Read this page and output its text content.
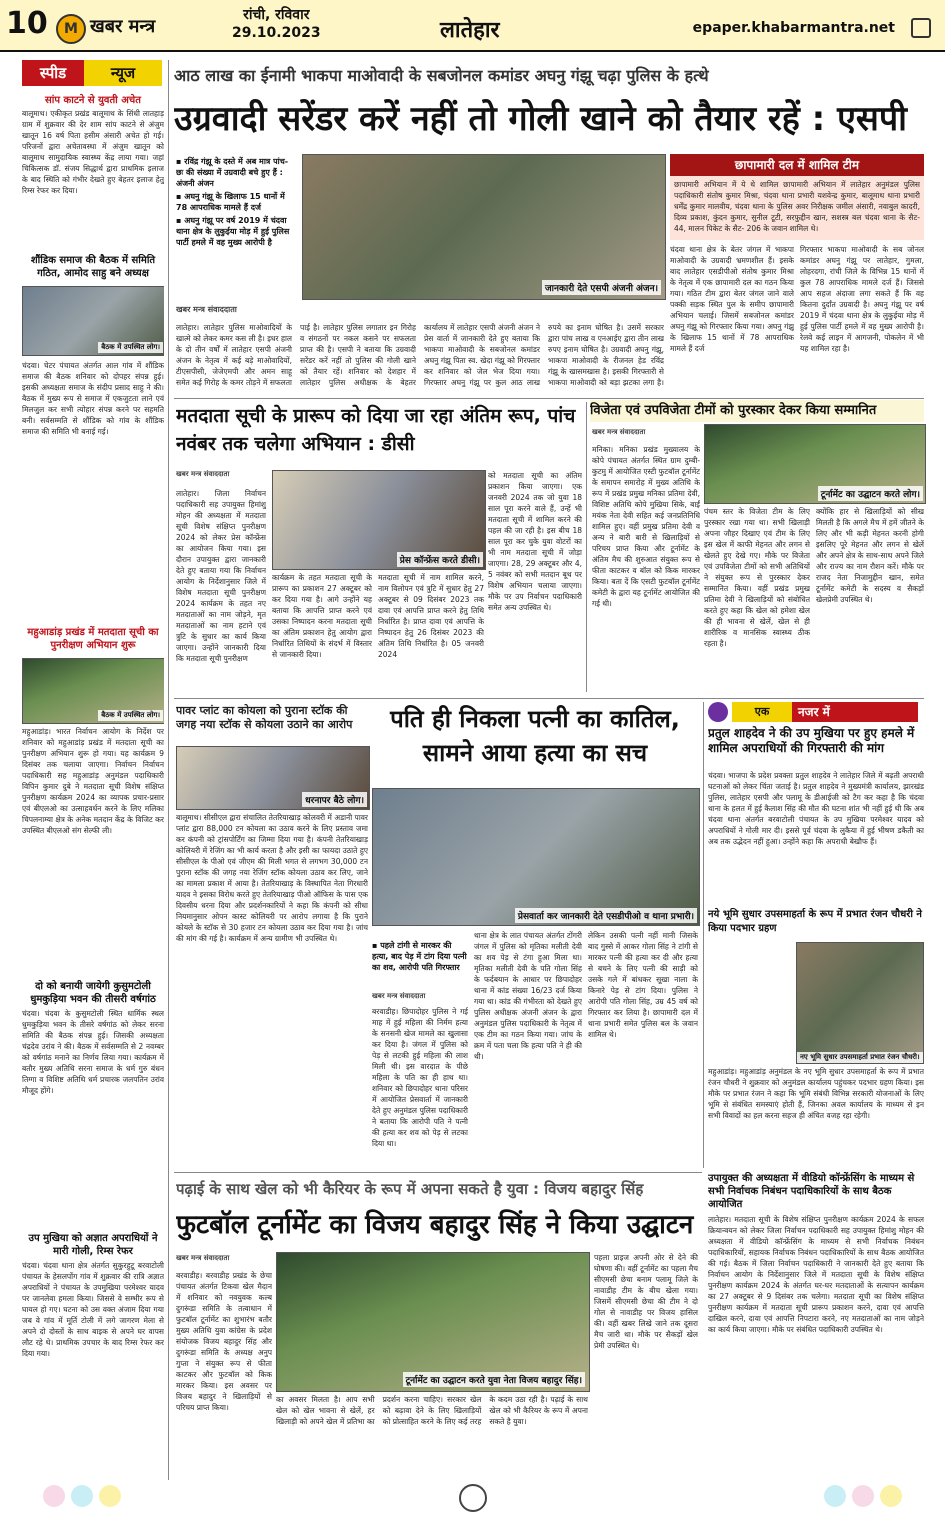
10	M खबर मन्त्र
रांची, रविवार
29.10.2023	लातेहार	epaper.khabarmantra.net
स्पीड	न्यूज
सांप काटने से युवती अचेत
बालूमाथ। एकीकृत प्रखंड बालूमाथ के सिंधी लातहाड़ ग्राम में शुक्रवार की देर शाम सांप काटने से अंजुम खातून 16 वर्ष पिता हसीम अंसारी अचेत हो गई। परिजनों द्वारा अचेतावस्था में अंजुम खातून को बालूमाथ सामुदायिक स्वास्थ्य केंद्र लाया गया। जहां चिकित्सक डॉ. संजय सिद्धार्थ द्वारा प्राथमिक इलाज के बाद स्थिति को गंभीर देखते हुए बेहतर इलाज हेतु रिम्स रेफर कर दिया।
शौंडिक समाज की बैठक में समिति गठित, आमोद साहु बने अध्यक्ष
बैठक में उपस्थित लोग।
चंदवा। चेटर पंचायत अंतर्गत आल गांव में शौंडिक समाज की बैठक शनिवार को दोपहर संपन्न हुई। इसकी अध्यक्षता समाज के संदीप प्रसाद साहु ने की। बैठक में मुख्य रूप से समाज में एकजुटता लाने एवं मिलजुल कर सभी त्योहार संपन्न करने पर सहमति बनी। सर्वसम्मति से शौंडिक को गांव के शौंडिक समाज की समिति भी बनाई गई।
महुआडांड़ प्रखंड में मतदाता सूची का पुनरीक्षण अभियान शुरू
बैठक में उपस्थित लोग।
महुआडांड़। भारत निर्वाचन आयोग के निर्देश पर शनिवार को महुआडांड़ प्रखंड में मतदाता सूची का पुनरीक्षण अभियान शुरू हो गया। यह कार्यक्रम 9 दिसंबर तक चलाया जाएगा। निर्वाचन निर्वाचन पदाधिकारी सह महुआडांड़ अनुमंडल पदाधिकारी विपिन कुमार दुबे ने मतदाता सूची विशेष संक्षिप्त पुनरीक्षण कार्यक्रम 2024 का व्यापक प्रचार-प्रसार एवं बीएलओ का उत्साहवर्धन करने के लिए मलिका चिपलनाम्या क्षेत्र के अनेक मतदान केंद्र के विजिट कर उपस्थित बीएलओ संग सेल्फी ली।
दो को बनायी जायेगी कुसुमटोली धुमकुड़िया भवन की तीसरी वर्षगांठ
चंदवा। चंदवा के कुसुमटोली स्थित धार्मिक स्थल धुमकुड़िया भवन के तीसरे वर्षगांठ को लेकर सरना समिति की बैठक संपन्न हुई। जिसकी अध्यक्षता चंद्रदेव उरांव ने की। बैठक में सर्वसम्मति से 2 नवम्बर को वर्षगांठ मनाने का निर्णय लिया गया। कार्यक्रम में बतौर मुख्य अतिथि सरना समाज के धर्म गुरु बंधन तिग्गा व विशिष्ट अतिथि धर्म प्रचारक जलपतिन उरांव मौजूद होंगे।
उप मुखिया को अज्ञात अपराधियों ने मारी गोली, रिम्स रेफर
चंदवा। चंदवा थाना क्षेत्र अंतर्गत सुकुरहुटू बरवाटोली पंचायत के हेसलपोंग गांव में शुक्रवार की रात्रि अज्ञात अपराधियों ने पंचायत के उपमुखिया परमेश्वर यादव पर जानलेवा हमला किया। जिससे वे सम्भीर रूप से घायल हो गए। घटना को उस वक्त अंजाम दिया गया जब वे गांव में मूर्ति टोली में लगे जागरण मेला से अपने दो दोस्तों के साथ बाइक से अपने घर वापस लौट रहे थे। प्राथमिक उपचार के बाद रिम्स रेफर कर दिया गया।
आठ लाख का ईनामी भाकपा माओवादी के सबजोनल कमांडर अघनु गंझू चढ़ा पुलिस के हत्थे
उग्रवादी सरेंडर करें नहीं तो गोली खाने को तैयार रहें : एसपी
▪ रविंद्र गंझू के दस्ते में अब मात्र पांच- छः की संख्या में उग्रवादी बचे हुए हैं : अंजनी अंजन
▪ अघनु गंझू के खिलाफ 15 थानों में 78 आपराधिक मामले हैं दर्ज
▪ अघनु गंझू पर वर्ष 2019 में चंदवा थाना क्षेत्र के लुकुईया मोड़ में हुई पुलिस पार्टी हमले में वह मुख्य आरोपी है
जानकारी देते एसपी अंजनी अंजन।
खबर मन्त्र संवाददाता
लातेहार। लातेहार पुलिस माओवादियों के खात्मे को लेकर कमर कस ली है। इधर हाल के दो तीन वर्षों में लातेहार एसपी अंजनी अंजन के नेतृत्व में कई बड़े माओवादियों, टीएसपीसी, जेजेएमपी और अमन साहू समेत कई गिरोह के कमर तोड़ने में सफलता पाई है। लातेहार पुलिस लगातार इन गिरोह व संगठनों पर नकल कसने पर सफलता प्राप्त की है। एसपी ने बताया कि उग्रवादी सरेंडर करें नहीं तो पुलिस की गोली खाने को तैयार रहें। शनिवार को देशहार में लातेहार पुलिस अधीक्षक के बेहतर कार्यालय में लातेहार एसपी अंजनी अंजन ने प्रेस वार्ता में जानकारी देते हुए बताया कि भाकपा माओवादी के सबजोनल कमांडर अघनु गंझू पिता स्व. खेदा गंझू को गिरफ्तार कर शनिवार को जेल भेज दिया गया। गिरफ्तार अघनु गंझू पर कुल आठ लाख रुपये का इनाम घोषित है। उसमें सरकार द्वारा पांच लाख व एनआईए द्वारा तीन लाख रुपए इनाम घोषित है। उग्रवादी अघनु गंझू, भाकपा माओवादी के रीजनल हेड रविंद्र गंझू के खासमखास है। इसकी गिरफ्तारी से भाकपा माओवादी को बड़ा झटका लगा है।
छापामारी दल में शामिल टीम
छापामारी अभियान में ये थे शामिल छापामारी अभियान में लातेहार अनुमंडल पुलिस पदाधिकारी संतोष कुमार मिश्रा, चंदवा थाना प्रभारी यशवेन्द्र कुमार, बालूमाथ थाना प्रभारी धर्मेंद्र कुमार मालवीय, चंदवा थाना के पुलिस अवर निरीक्षक जमील अंसारी, नवाबुल कादरी, दिव्य प्रकाश, कुंदन कुमार, सुनील टूटी, सरफुद्दीन खान, सशस्त्र बल चंदवा थाना के सैट- 44, मालन पिकेट के सैट- 206 के जवान शामिल थे।
चंदवा थाना क्षेत्र के बेतर जंगल में भाकपा माओवादी के उग्रवादी भ्रमणशील हैं। इसके बाद लातेहार एसडीपीओ संतोष कुमार मिश्रा के नेतृत्व में एक छापामारी दल का गठन किया गया। गठित टीम द्वारा बेतर जंगल जाने वाले पक्की सड़क स्थित पुल के समीप छापामारी अभियान चलाई। जिसमें सबजोनल कमांडर अघनु गंझू को गिरफ्तार किया गया। अघनु गंझू के खिलाफ 15 थानों में 78 आपराधिक मामले हैं दर्ज
गिरफ्तार भाकपा माओवादी के सब जोनल कमांडर अघनु गंझू पर लातेहार, गुमला, लोहरदगा, रांची जिले के विभिन्न 15 थानों में कुल 78 आपराधिक मामले दर्ज हैं। जिससे आप सहज अंदाजा लगा सकते हैं कि वह कितना दुर्दांत उग्रवादी है। अघनु गंझू पर वर्ष 2019 में चंदवा थाना क्षेत्र के लुकुईया मोड़ में हुई पुलिस पार्टी हमले में वह मुख्य आरोपी है। रेलवे कई लाइन में आगजनी, पोकलेन में भी यह शामिल रहा है।
मतदाता सूची के प्रारूप को दिया जा रहा अंतिम रूप, पांच नवंबर तक चलेगा अभियान : डीसी
खबर मन्त्र संवाददाता
लातेहार। जिला निर्वाचन पदाधिकारी सह उपायुक्त हिमांशु मोहन की अध्यक्षता में मतदाता सूची विशेष संक्षिप्त पुनरीक्षण 2024 को लेकर प्रेस कॉन्फ्रेंस का आयोजन किया गया। इस दौरान उपायुक्त द्वारा जानकारी देते हुए बताया गया कि निर्वाचन आयोग के निर्देशानुसार जिले में विशेष मतदाता सूची पुनरीक्षण 2024 कार्यक्रम के तहत नए मतदाताओं का नाम जोड़ने, मृत मतदाताओं का नाम हटाने एवं त्रुटि के सुधार का कार्य किया जाएगा। उन्होंने जानकारी दिया कि मतदाता सूची पुनरीक्षण
प्रेस कॉन्फ्रेंस करते डीसी।
कार्यक्रम के तहत मतदाता सूची के प्रारूप का प्रकाशन 27 अक्टूबर को कर दिया गया है। आगे उन्होंने यह बताया कि आपत्ति प्राप्त करने एवं उसका निष्पादन करना मतदाता सूची का अंतिम प्रकाशन हेतु आयोग द्वारा निर्धारित तिथियों के संदर्भ में विस्तार से जानकारी दिया।
मतदाता सूची में नाम शामिल करने, नाम विलोपन एवं त्रुटि में सुधार हेतु 27 अक्टूबर से 09 दिसंबर 2023 तक दावा एवं आपत्ति प्राप्त करने हेतु तिथि निर्धारित है। प्राप्त दावा एवं आपत्ति के निष्पादन हेतु 26 दिसंबर 2023 की अंतिम तिथि निर्धारित है। 05 जनवरी 2024
को मतदाता सूची का अंतिम प्रकाशन किया जाएगा। एक जनवरी 2024 तक जो युवा 18 साल पूरा करने वाले हैं, उन्हें भी मतदाता सूची में शामिल करने की पहल की जा रही है। इस बीच 18 साल पूरा कर चुके युवा वोटरों का भी नाम मतदाता सूची में जोड़ा जाएगा। 28, 29 अक्टूबर और 4, 5 नवंबर को सभी मतदान बूथ पर विशेष अभियान चलाया जाएगा। मौके पर उप निर्वाचन पदाधिकारी समेत अन्य उपस्थित थे।
विजेता एवं उपविजेता टीमों को पुरस्कार देकर किया सम्मानित
खबर मन्त्र संवाददाता
मनिका। मनिका प्रखंड मुख्यालय के कोपे पंचायत अंतर्गत स्थित ग्राम दुम्बी-कुटमु में आयोजित एस्टी फुटबॉल टूर्नामेंट के समापन समारोह में मुख्य अतिथि के रूप में प्रखंड प्रमुख मनिका प्रतिमा देवी, विशिष्ट अतिथि कोपे मुखिया सिके, बाईं मयंक नेता देवी सहित कई जनप्रतिनिधि शामिल हुए। वहीं प्रमुख प्रतिमा देवी व अन्य ने बारी बारी से खिलाड़ियों से परिचय प्राप्त किया और टूर्नामेंट के अंतिम मैच की शुरुआत संयुक्त रूप से फीता काटकर व बॉल को किक मारकर किया। बता दें कि एसटी फुटबॉल टूर्नामेंट कमेटी के द्वारा यह टूर्नामेंट आयोजित की गई थी।
टूर्नामेंट का उद्घाटन करते लोग।
पंचम स्तर के विजेता टीम के लिए पुरस्कार रखा गया था। सभी खिलाड़ी अपना जौहर दिखाए एवं टीम के लिए इस खेल में काफी मेहनत और लगन से खेलते हुए देखे गए। मौके पर विजेता एवं उपविजेता टीमों को सभी अतिथियों ने संयुक्त रूप से पुरस्कार देकर सम्मानित किया। वहीं प्रखंड प्रमुख प्रतिमा देवी ने खिलाड़ियों को संबोधित करते हुए कहा कि खेल को हमेशा खेल की ही भावना से खेलें, खेल से ही शारीरिक व मानसिक स्वास्थ्य ठीक रहता है।
क्योंकि हार से खिलाड़ियों को सीख मिलती है कि अगले मैच में हमें जीतने के लिए और भी कड़ी मेहनत करनी होगी इसलिए पूरे मेहनत और लगन से खेलें और अपने क्षेत्र के साथ-साथ अपने जिले और राज्य का नाम रौशन करें। मौके पर राजद नेता निजामुद्दीन खान, समेत टूर्नामेंट कमेटी के सदस्य व सैकड़ों खेलप्रेमी उपस्थित थे।
पावर प्लांट का कोयला को पुराना स्टॉक की जगह नया स्टॉक से कोयला उठाने का आरोप
धरनापर बैठे लोग।
बालूमाथ। सीसीएल द्वारा संचालित तेतरियाखाड़ कोलवरी में अडानी पावर प्लांट द्वारा 88,000 टन कोयला का उठाव करने के लिए प्रस्ताव जमा कर कंपनी को ट्रांसपोर्टिंग का जिम्मा दिया गया है। कंपनी तेतरियाखाड़ कोलियरी में रेजिंग का भी कार्य करता है और इसी का फायदा उठाते हुए सीसीएल के पीओ एवं जीएम की मिली भगत से लगभग 30,000 टन पुराना स्टॉक की जगह नया रेजिंग स्टॉक कोयला उठाव कर लिए, जाने का मामला प्रकाश में आया है। तेतरियाखाड़ के विस्थापित नेता गिरधारी यादव ने इसका विरोध करते हुए तेतरियाखाड़ पीओ ऑफिस के पास एक दिवसीय धरना दिया और प्रदर्शनकारियों ने कहा कि कंपनी को सीधा नियमानुसार ओपन कास्ट कोलियरी पर आरोप लगाया है कि पुराने कोयले के स्टॉक से 30 हजार टन कोयला उठाव कर दिया गया है। जांच की मांग की गई है। कार्यक्रम में अन्य ग्रामीण भी उपस्थित थे।
पति ही निकला पत्नी का कातिल,
सामने आया हत्या का सच
प्रेसवार्ता कर जानकारी देते एसडीपीओ व थाना प्रभारी।
▪ पहले टांगी से मारकर की हत्या, बाद पेड़ में टांग दिया पत्नी का शव, आरोपी पति गिरफ्तार
खबर मन्त्र संवाददाता
बरवाडीह। छिपादोहर पुलिस ने गई माह में हुई महिला की निर्मम हत्या के सनसनी खेज मामले का खुलासा कर दिया है। जंगल में पुलिस को पेड़ से लटकी हुई महिला की लाश मिली थी। इस वारदात के पीछे महिला के पति का ही हाथ था। शनिवार को छिपादोहर थाना परिसर में आयोजित प्रेसवार्ता में जानकारी देते हुए अनुमंडल पुलिस पदाधिकारी ने बताया कि आरोपी पति ने पत्नी की हत्या कर शव को पेड़ से लटका दिया था।
थाना क्षेत्र के लात पंचायत अंतर्गत टोंगरी जंगल में पुलिस को मृतिका मलीती देवी का शव पेड़ से टंगा हुआ मिला था। मृतिका मलीती देवी के पति गोला सिंह के फर्दबयान के आधार पर छिपादोहर थाना में कांड संख्या 16/23 दर्ज किया गया था। कांड की गंभीरता को देखते हुए पुलिस अधीक्षक अंजनी अंजन के द्वारा अनुमंडल पुलिस पदाधिकारी के नेतृत्व में एक टीम का गठन किया गया। जांच के क्रम में पता चला कि हत्या पति ने ही की थी।
लेकिन उसकी पत्नी नहीं मानी जिसके बाद गुस्से में आकर गोला सिंह ने टांगी से मारकर पत्नी की हत्या कर दी और हत्या से बचने के लिए पत्नी की साड़ी को उसके गले में बांधकर सूखा नाला के किनारे पेड़ से टांग दिया। पुलिस ने आरोपी पति गोला सिंह, उम्र 45 वर्ष को गिरफ्तार कर लिया है। छापामारी दल में थाना प्रभारी समेत पुलिस बल के जवान शामिल थे।
एक	नजर में
प्रतुल शाहदेव ने की उप मुखिया पर हुए हमले में शामिल अपराधियों की गिरफ्तारी की मांग
चंदवा। भाजपा के प्रदेश प्रवक्ता प्रतुल शाहदेव ने लातेहार जिले में बढ़ती अपराधी घटनाओं को लेकर चिंता जताई है। प्रतुल शाहदेव ने मुख्यमंत्री कार्यालय, झारखंड पुलिस, लातेहार एसपी और पलामू के डीआईजी को टैग कर कहा है कि चंदवा थाना के हलत में हुई कैलाश सिंह की मौत की घटना शांत भी नहीं हुई थी कि अब चंदवा थाना अंतर्गत बरवाटोली पंचायत के उप मुखिया परमेश्वर यादव को अपराधियों ने गोली मार दी। इससे पूर्व चंदवा के लुकैया में हुई भीषण डकैती का अब तक उद्भेदन नहीं हुआ। उन्होंने कहा कि अपराधी बेखौफ हैं।
नये भूमि सुधार उपसमाहर्ता के रूप में प्रभात रंजन चौधरी ने किया पदभार ग्रहण
नए भूमि सुधार उपसमाहर्ता प्रभात रंजन चौधरी।
महुआडांड़। महुआडांड़ अनुमंडल के नए भूमि सुधार उपसमाहर्ता के रूप में प्रभात रंजन चौधरी ने शुक्रवार को अनुमंडल कार्यालय पहुंचकर पदभार ग्रहण किया। इस मौके पर प्रभात रंजन ने कहा कि भूमि संबंधी विभिन्न सरकारी योजनाओं के लिए भूमि से संबंधित समस्याएं होती हैं, जिनका अवल कार्यालय के माध्यम से इन सभी विवादों का हल करना सहज ही अंचित वजह रहा रहेगी।
पढ़ाई के साथ खेल को भी कैरियर के रूप में अपना सकते है युवा : विजय बहादुर सिंह
फुटबॉल टूर्नामेंट का विजय बहादुर सिंह ने किया उद्घाटन
खबर मन्त्र संवाददाता
बरवाडीह। बरवाडीह प्रखंड के छेचा पंचायत अंतर्गत टिकवा खेल मैदान में शनिवार को नवयुवक कल्ब दुगरूंडा समिति के तत्वाधान में फुटबॉल टूर्नामेंट का शुभारंभ बतौर मुख्य अतिथि युवा कांग्रेस के प्रदेश संयोजक विजय बहादुर सिंह और दुगरूंडा समिति के अध्यक्ष अनुप गुप्ता ने संयुक्त रूप से फीता काटकर और फुटबॉल को किक मारकर किया। इस अवसर पर विजय बहादुर ने खिलाड़ियों से परिचय प्राप्त किया।
टूर्नामेंट का उद्घाटन करते युवा नेता विजय बहादुर सिंह।
का अवसर मिलता है। आप सभी खेल को खेल भावना से खेलें, हर खिलाड़ी को अपने खेल में प्रतिभा का प्रदर्शन करना चाहिए। सरकार खेल को बढ़ावा देने के लिए खिलाड़ियों को प्रोत्साहित करने के लिए कई तरह के कदम उठा रही है। पढ़ाई के साथ खेल को भी कैरियर के रूप में अपना सकते है युवा।
पहला प्राइज अपनी ओर से देने की घोषणा की। वहीं टूर्नामेंट का पहला मैच सीएमसी छेचा बनाम पलामू जिले के नावाडीह टीम के बीच खेला गया। जिसमें सीएमसी छेचा की टीम ने दो गोल से नावाडीह पर विजय हासिल की। वहीं खबर लिखे जाने तक दूसरा मैच जारी था। मौके पर सैकड़ों खेल प्रेमी उपस्थित थे।
उपायुक्त की अध्यक्षता में वीडियो कॉन्फ्रेंसिंग के माध्यम से सभी निर्वाचक निबंधन पदाधिकारियों के साथ बैठक आयोजित
लातेहार। मतदाता सूची के विशेष संक्षिप्त पुनरीक्षण कार्यक्रम 2024 के सफल क्रियान्वयन को लेकर जिला निर्वाचन पदाधिकारी सह उपायुक्त हिमांशु मोहन की अध्यक्षता में वीडियो कॉन्फ्रेंसिंग के माध्यम से सभी निर्वाचक निबंधन पदाधिकारियों, सहायक निर्वाचक निबंधन पदाधिकारियों के साथ बैठक आयोजित की गई। बैठक में जिला निर्वाचन पदाधिकारी ने जानकारी देते हुए बताया कि निर्वाचन आयोग के निर्देशानुसार जिले में मतदाता सूची के विशेष संक्षिप्त पुनरीक्षण कार्यक्रम 2024 के अंतर्गत घर-घर मतदाताओं के सत्यापन कार्यक्रम का 27 अक्टूबर से 9 दिसंबर तक चलेगा। मतदाता सूची का विशेष संक्षिप्त पुनरीक्षण कार्यक्रम में मतदाता सूची प्रारूप प्रकाशन करने, दावा एवं आपत्ति दाखिल करने, दावा एवं आपत्ति निपटारा करने, नए मतदाताओं का नाम जोड़ने का कार्य किया जाएगा। मौके पर संबंधित पदाधिकारी उपस्थित थे।
